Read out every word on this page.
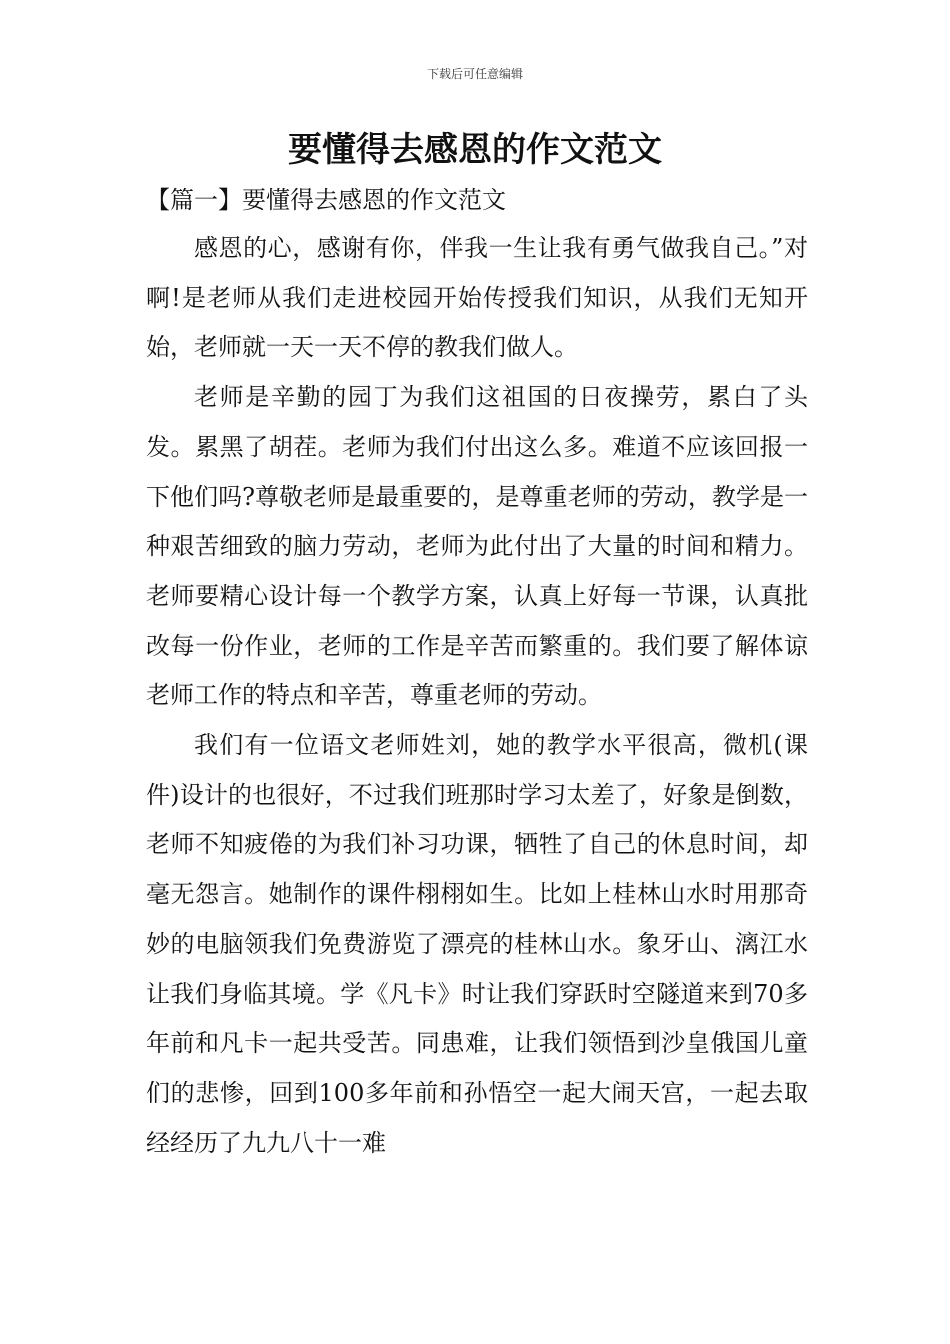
下载后可任意编辑
要懂得去感恩的作文范文
【篇一】要懂得去感恩的作文范文

感恩的心，感谢有你，伴我一生让我有勇气做我自己。”对啊!是老师从我们走进校园开始传授我们知识，从我们无知开始，老师就一天一天不停的教我们做人。

老师是辛勤的园丁为我们这祖国的日夜操劳，累白了头发。累黑了胡茬。老师为我们付出这么多。难道不应该回报一下他们吗?尊敬老师是最重要的，是尊重老师的劳动，教学是一种艰苦细致的脑力劳动，老师为此付出了大量的时间和精力。老师要精心设计每一个教学方案，认真上好每一节课，认真批改每一份作业，老师的工作是辛苦而繁重的。我们要了解体谅老师工作的特点和辛苦，尊重老师的劳动。

我们有一位语文老师姓刘，她的教学水平很高，微机(课件)设计的也很好，不过我们班那时学习太差了，好象是倒数，老师不知疲倦的为我们补习功课，牺牲了自己的休息时间，却毫无怨言。她制作的课件栩栩如生。比如上桂林山水时用那奇妙的电脑领我们免费游览了漂亮的桂林山水。象牙山、漓江水让我们身临其境。学《凡卡》时让我们穿跃时空隧道来到70多年前和凡卡一起共受苦。同患难，让我们领悟到沙皇俄国儿童们的悲惨，回到100多年前和孙悟空一起大闹天宫，一起去取经经历了九九八十一难
